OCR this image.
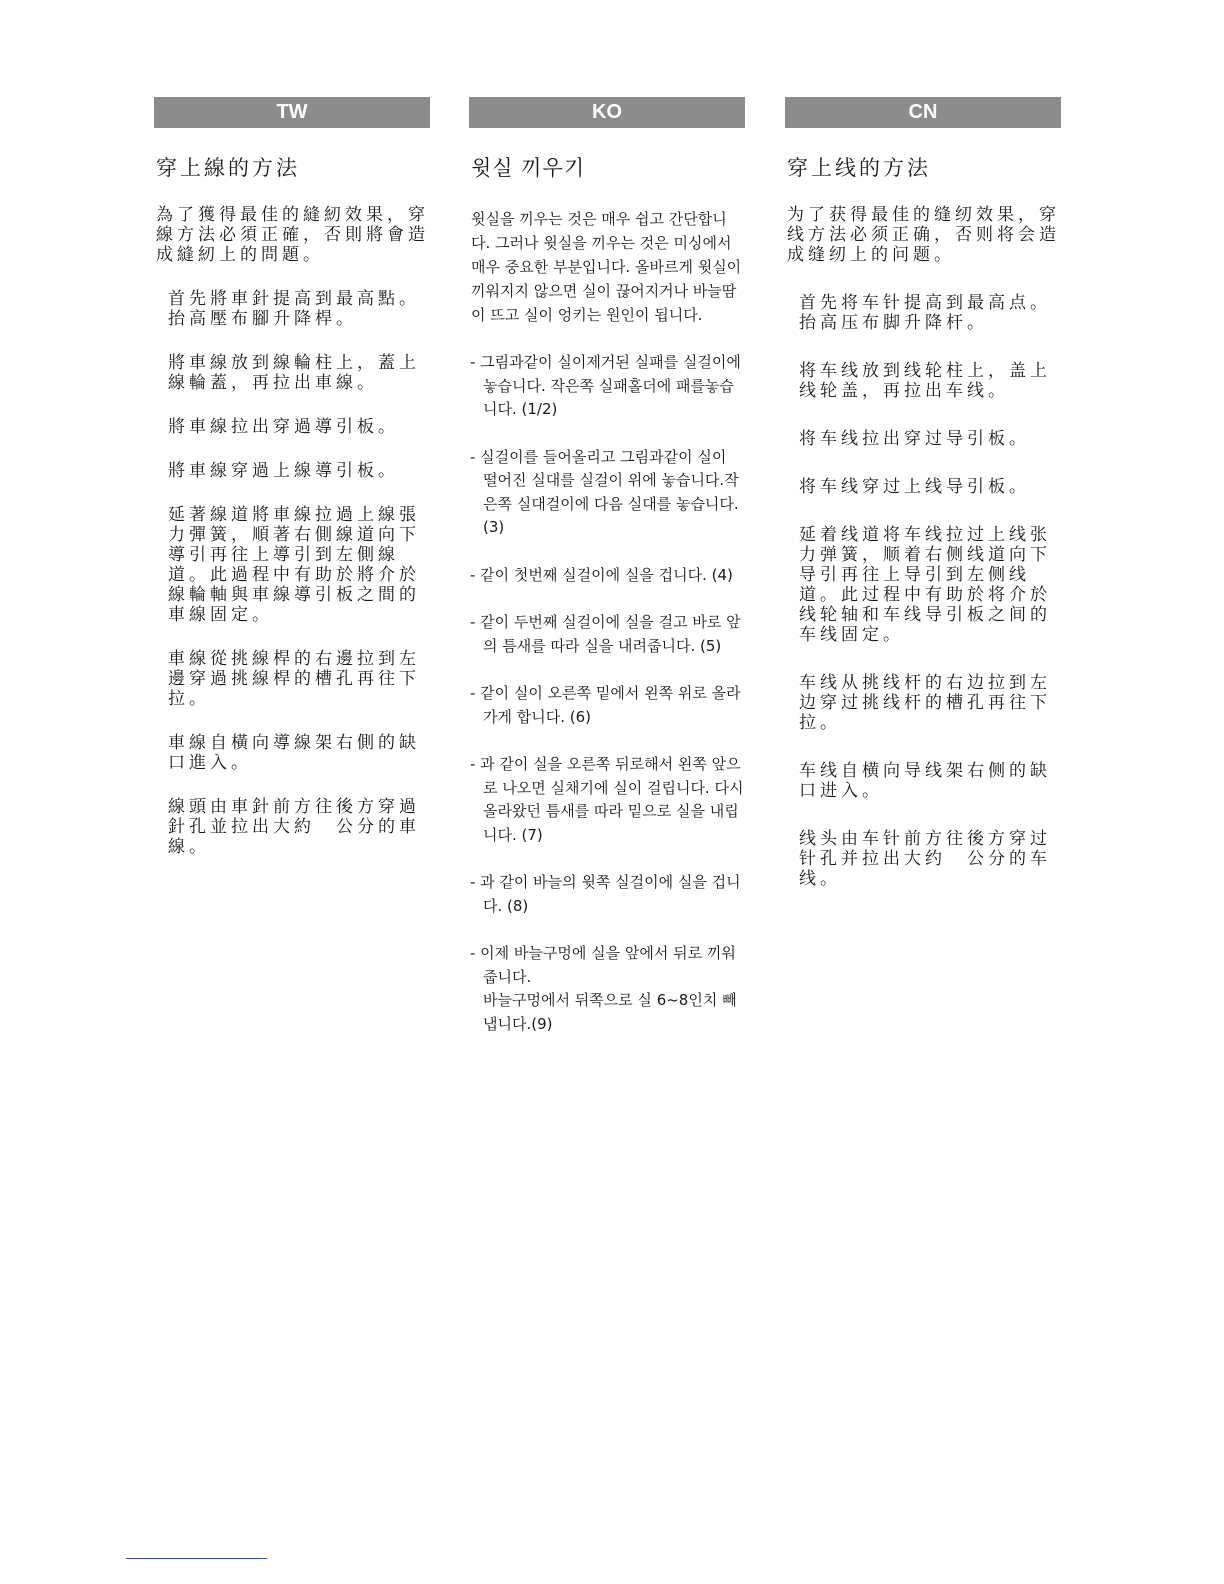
TW
穿上線的方法
為了獲得最佳的縫紉效果，穿線方法必須正確，否則將會造成縫紉上的問題。
首先將車針提高到最高點。抬高壓布腳升降桿。
將車線放到線輪柱上，蓋上線輪蓋，再拉出車線。
將車線拉出穿過導引板。
將車線穿過上線導引板。
延著線道將車線拉過上線張力彈簧，順著右側線道向下導引再往上導引到左側線道。此過程中有助於將介於線輪軸與車線導引板之間的車線固定。
車線從挑線桿的右邊拉到左邊穿過挑線桿的槽孔再往下拉。
車線自橫向導線架右側的缺口進入。
線頭由車針前方往後方穿過針孔並拉出大約　公分的車線。
KO
윗실 끼우기
윗실을 끼우는 것은 매우 쉽고 간단합니다. 그러나 윗실을 끼우는 것은 미싱에서 매우 중요한 부분입니다. 올바르게 윗실이 끼워지지 않으면 실이 끊어지거나 바늘땀이 뜨고 실이 엉키는 원인이 됩니다.
- 그림과같이 실이제거된 실패를 실걸이에 놓습니다. 작은쪽 실패홀더에 패를놓습니다. (1/2)
- 실걸이를 들어올리고 그림과같이 실이 떨어진 실대를 실걸이 위에 놓습니다.작은쪽 실대걸이에 다음 실대를 놓습니다. (3)
- 같이 첫번째 실걸이에 실을 겁니다. (4)
- 같이 두번째 실걸이에 실을 걸고 바로 앞의 틈새를 따라 실을 내려줍니다. (5)
- 같이 실이 오른쪽 밑에서 왼쪽 위로 올라가게 합니다. (6)
- 과 같이 실을 오른쪽 뒤로해서 왼쪽 앞으로 나오면 실채기에 실이 걸립니다. 다시 올라왔던 틈새를 따라 밑으로 실을 내립니다. (7)
- 과 같이 바늘의 윗쪽 실걸이에 실을 겁니다. (8)
- 이제 바늘구멍에 실을 앞에서 뒤로 끼워줍니다.
바늘구멍에서 뒤쪽으로 실 6~8인치 빼냅니다.(9)
CN
穿上线的方法
为了获得最佳的缝纫效果，穿线方法必须正确，否则将会造成缝纫上的问题。
首先将车针提高到最高点。抬高压布脚升降杆。
将车线放到线轮柱上，盖上线轮盖，再拉出车线。
将车线拉出穿过导引板。
将车线穿过上线导引板。
延着线道将车线拉过上线张力弹簧，顺着右侧线道向下导引再往上导引到左侧线道。此过程中有助於将介於线轮轴和车线导引板之间的车线固定。
车线从挑线杆的右边拉到左边穿过挑线杆的槽孔再往下拉。
车线自横向导线架右侧的缺口进入。
线头由车针前方往後方穿过针孔并拉出大约　公分的车线。
